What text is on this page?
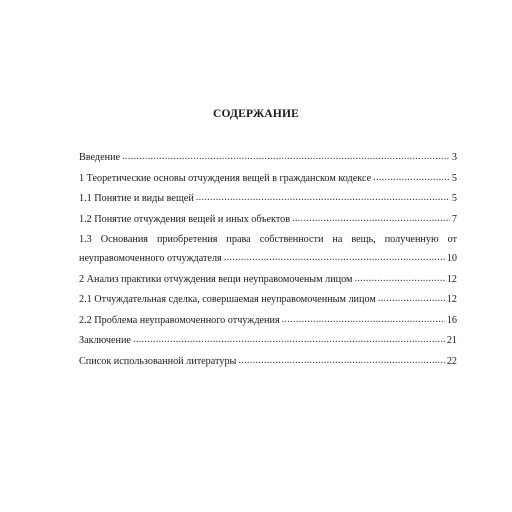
СОДЕРЖАНИЕ
Введение .....	3
1 Теоретические основы отчуждения вещей в гражданском кодексе .....	5
1.1 Понятие и виды вещей .....	5
1.2 Понятие отчуждения вещей и иных объектов .....	7
1.3 Основания приобретения права собственности на вещь, полученную от
неуправомоченного отчуждателя .....	10
2 Анализ практики отчуждения вещи неуправомоченым лицом .....	12
2.1 Отчуждательная сделка, совершаемая неуправомоченным лицом .....	12
2.2 Проблема неуправомоченного отчуждения .....	16
Заключение .....	21
Список использованной литературы .....	22
